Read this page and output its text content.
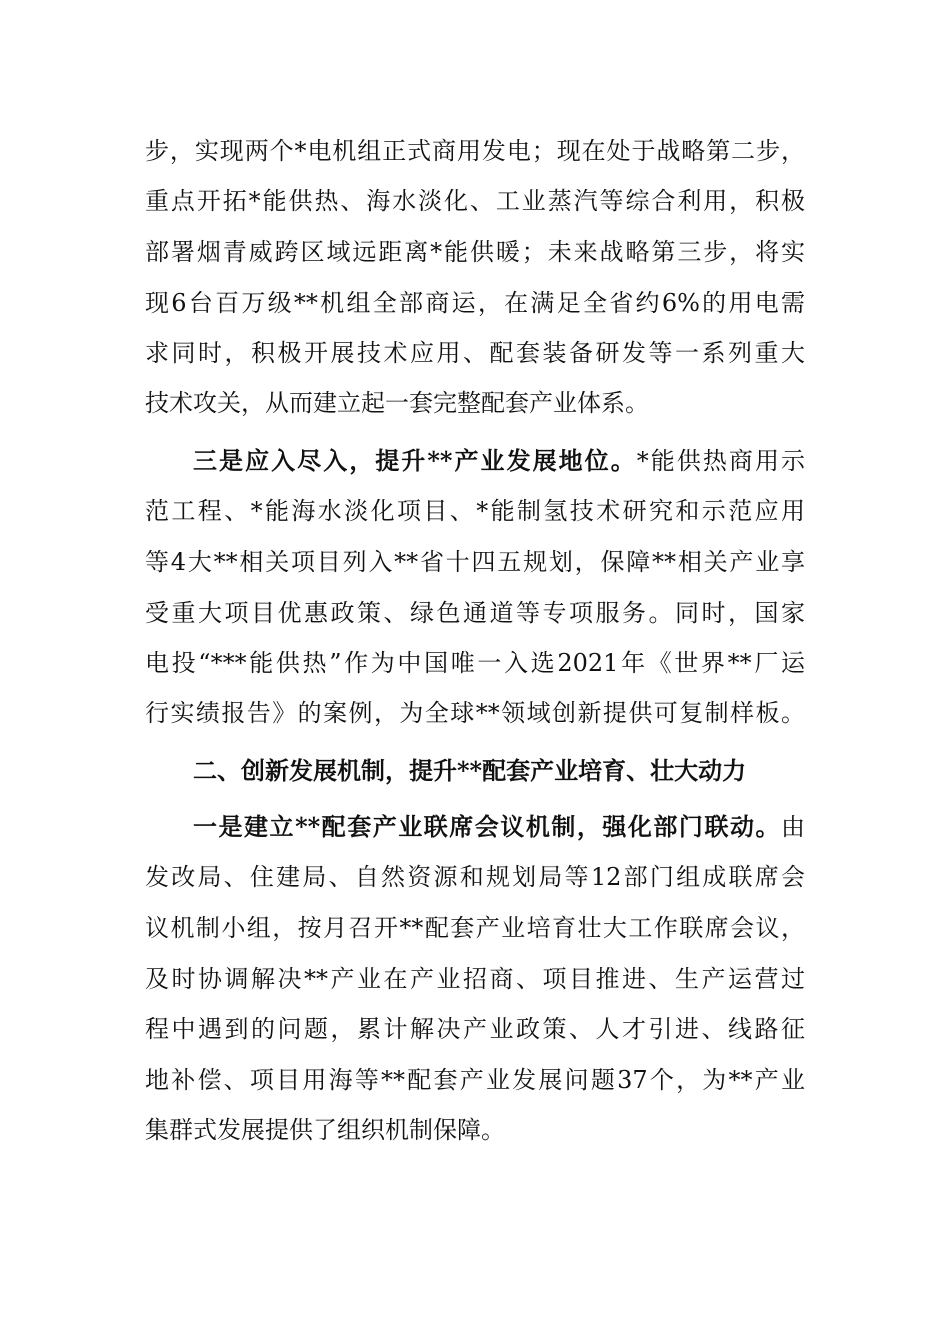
步，实现两个*电机组正式商用发电；现在处于战略第二步，
重点开拓*能供热、海水淡化、工业蒸汽等综合利用，积极
部署烟青威跨区域远距离*能供暖；未来战略第三步，将实
现6台百万级**机组全部商运，在满足全省约6%的用电需
求同时，积极开展技术应用、配套装备研发等一系列重大
技术攻关，从而建立起一套完整配套产业体系。
三是应入尽入，提升**产业发展地位。*能供热商用示
范工程、*能海水淡化项目、*能制氢技术研究和示范应用
等4大**相关项目列入**省十四五规划，保障**相关产业享
受重大项目优惠政策、绿色通道等专项服务。同时，国家
电投“***能供热”作为中国唯一入选2021年《世界**厂运
行实绩报告》的案例，为全球**领域创新提供可复制样板。
二、创新发展机制，提升**配套产业培育、壮大动力
一是建立**配套产业联席会议机制，强化部门联动。由
发改局、住建局、自然资源和规划局等12部门组成联席会
议机制小组，按月召开**配套产业培育壮大工作联席会议，
及时协调解决**产业在产业招商、项目推进、生产运营过
程中遇到的问题，累计解决产业政策、人才引进、线路征
地补偿、项目用海等**配套产业发展问题37个，为**产业
集群式发展提供了组织机制保障。
